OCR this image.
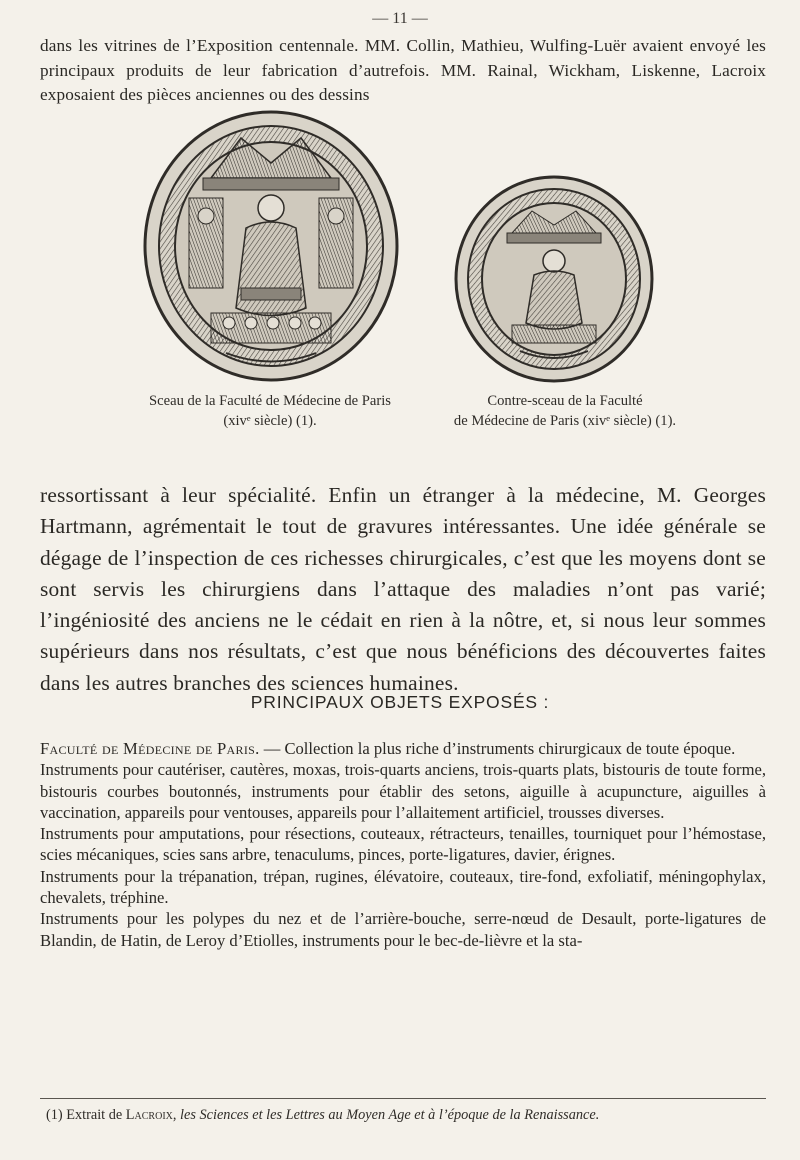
— 11 —
dans les vitrines de l’Exposition centennale. MM. Collin, Mathieu, Wulfing-Luër avaient envoyé les principaux produits de leur fabrication d’autrefois. MM. Rainal, Wickham, Liskenne, Lacroix exposaient des pièces anciennes ou des dessins
Sceau de la Faculté de Médecine de Paris
(xivᵉ siècle) (1).
Contre-sceau de la Faculté
de Médecine de Paris (xivᵉ siècle) (1).
ressortissant à leur spécialité. Enfin un étranger à la médecine, M. Georges Hartmann, agrémentait le tout de gravures intéressantes. Une idée générale se dégage de l’inspection de ces richesses chirurgicales, c’est que les moyens dont se sont servis les chirurgiens dans l’attaque des maladies n’ont pas varié; l’ingéniosité des anciens ne le cédait en rien à la nôtre, et, si nous leur sommes supérieurs dans nos résultats, c’est que nous bénéficions des découvertes faites dans les autres branches des sciences humaines.
PRINCIPAUX OBJETS EXPOSÉS :

Faculté de Médecine de Paris. — Collection la plus riche d’instruments chirurgicaux de toute époque.

Instruments pour cautériser, cautères, moxas, trois-quarts anciens, trois-quarts plats, bistouris de toute forme, bistouris courbes boutonnés, instruments pour établir des setons, aiguille à acupuncture, aiguilles à vaccination, appareils pour ventouses, appareils pour l’allaitement artificiel, trousses diverses.

Instruments pour amputations, pour résections, couteaux, rétracteurs, tenailles, tourniquet pour l’hémostase, scies mécaniques, scies sans arbre, tenaculums, pinces, porte-ligatures, davier, érignes.

Instruments pour la trépanation, trépan, rugines, élévatoire, couteaux, tire-fond, exfoliatif, méningophylax, chevalets, tréphine.

Instruments pour les polypes du nez et de l’arrière-bouche, serre-nœud de Desault, porte-ligatures de Blandin, de Hatin, de Leroy d’Etiolles, instruments pour le bec-de-lièvre et la sta-

(1) Extrait de Lacroix, les Sciences et les Lettres au Moyen Age et à l’époque de la Renaissance.
